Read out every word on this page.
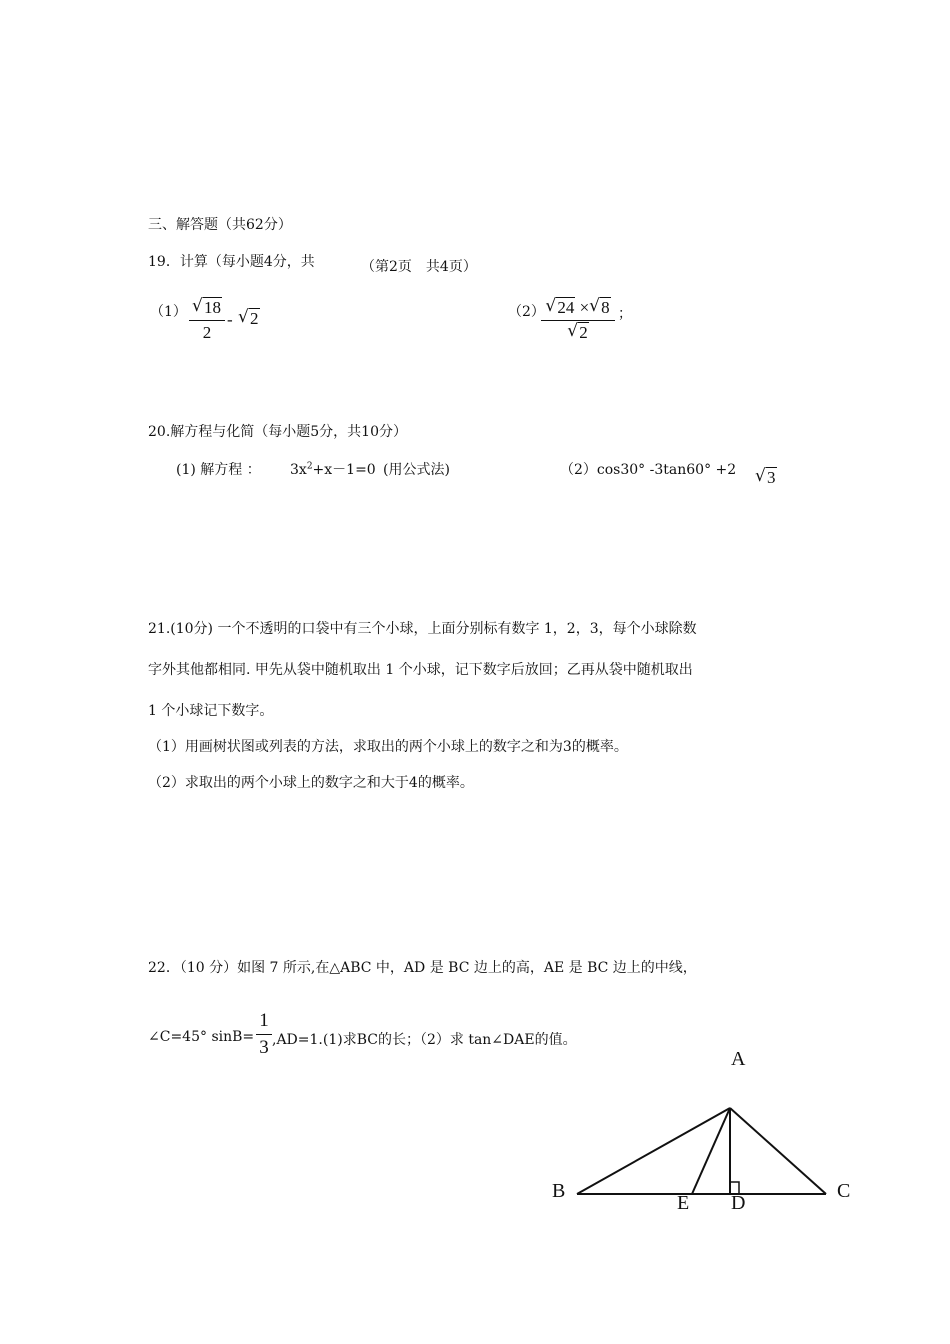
三、解答题（共62分）
19．计算（每小题4分，共	（第2页　共4页）
（1） √ 18
2
- √ 2	（2） √ 24 × √ 8
√ 2
；
20.解方程与化简（每小题5分，共10分）
(1) 解方程 ： $3x^2+x-1=0$ (用公式法)	（2）cos30° -3tan60° +2 √ 3
21.(10分) 一个不透明的口袋中有三个小球，上面分别标有数字 1，2，3，每个小球除数
字外其他都相同. 甲先从袋中随机取出 1 个小球，记下数字后放回；乙再从袋中随机取出
1 个小球记下数字。
（1）用画树状图或列表的方法，求取出的两个小球上的数字之和为3的概率。
（2）求取出的两个小球上的数字之和大于4的概率。
22．（10 分）如图 7 所示,在△ABC 中，AD 是 BC 边上的高，AE 是 BC 边上的中线，
∠C=45° sinB=
1
3 ,AD=1.(1)求BC的长；（2）求 tan∠DAE的值。
A
B	C
D
E
